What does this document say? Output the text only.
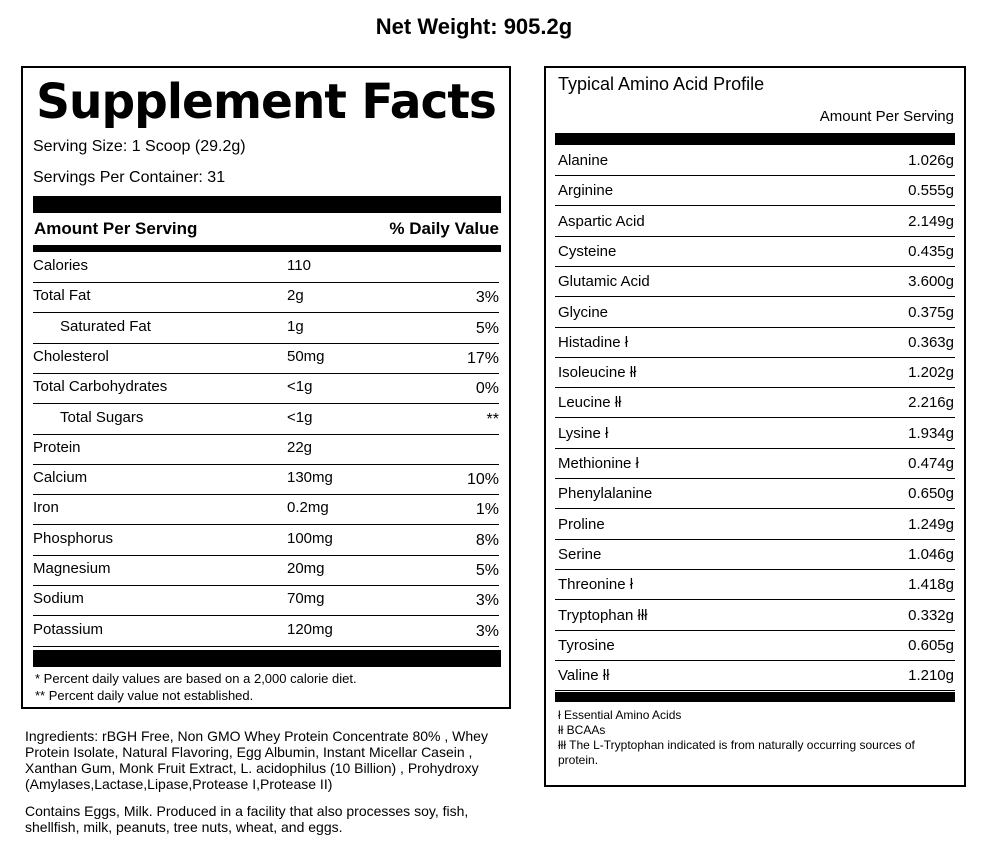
Net Weight: 905.2g
Supplement Facts
Serving Size: 1 Scoop (29.2g)
Servings Per Container: 31
Amount Per Serving	% Daily Value
Calories	110
Total Fat	2g	3%
Saturated Fat	1g	5%
Cholesterol	50mg	17%
Total Carbohydrates	<1g	0%
Total Sugars	<1g	**
Protein	22g
Calcium	130mg	10%
Iron	0.2mg	1%
Phosphorus	100mg	8%
Magnesium	20mg	5%
Sodium	70mg	3%
Potassium	120mg	3%
* Percent daily values are based on a 2,000 calorie diet.
** Percent daily value not established.
Typical Amino Acid Profile
Amount Per Serving
Alanine	1.026g
Arginine	0.555g
Aspartic Acid	2.149g
Cysteine	0.435g
Glutamic Acid	3.600g
Glycine	0.375g
Histadine ł	0.363g
Isoleucine łł	1.202g
Leucine łł	2.216g
Lysine ł	1.934g
Methionine ł	0.474g
Phenylalanine	0.650g
Proline	1.249g
Serine	1.046g
Threonine ł	1.418g
Tryptophan łłł	0.332g
Tyrosine	0.605g
Valine łł	1.210g
ł Essential Amino Acids
łł BCAAs
łłł The L-Tryptophan indicated is from naturally occurring sources of protein.
Ingredients: rBGH Free, Non GMO Whey Protein Concentrate 80% , Whey Protein Isolate, Natural Flavoring, Egg Albumin, Instant Micellar Casein , Xanthan Gum, Monk Fruit Extract, L. acidophilus (10 Billion) , Prohydroxy (Amylases,Lactase,Lipase,Protease I,Protease II)
Contains Eggs, Milk. Produced in a facility that also processes soy, fish, shellfish, milk, peanuts, tree nuts, wheat, and eggs.
